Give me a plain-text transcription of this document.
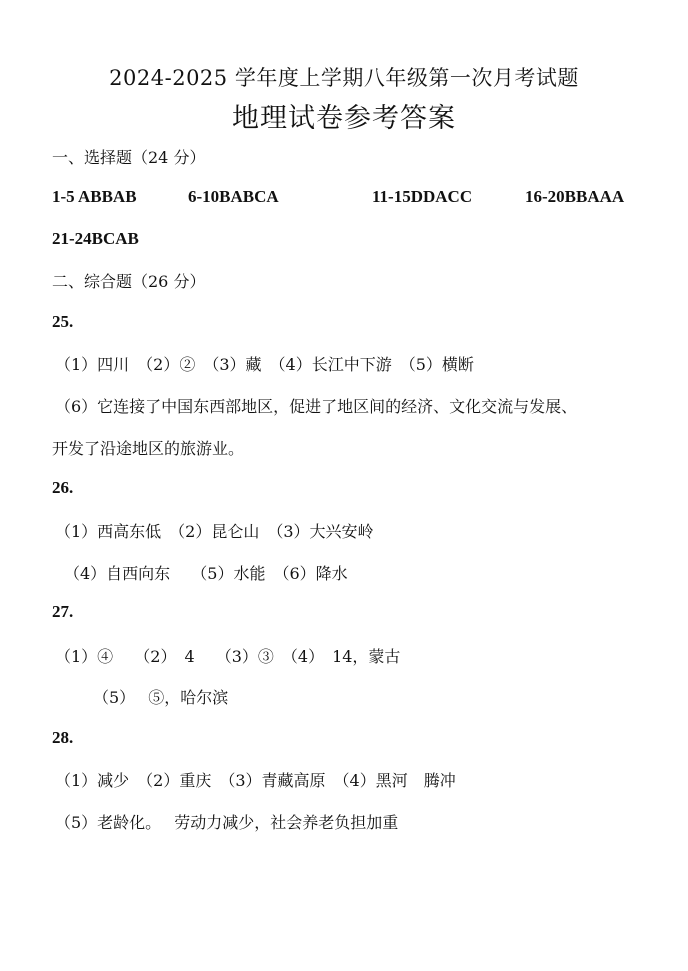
2024-2025 学年度上学期八年级第一次月考试题
地理试卷参考答案
一、选择题（24 分）
1-5 ABBAB	6-10BABCA	11-15DDACC	16-20BBAAA
21-24BCAB
二、综合题（26 分）
25.
（1）四川　（2）②　（3）藏　（4）长江中下游　（5）横断
（6）它连接了中国东西部地区，促进了地区间的经济、文化交流与发展、
开发了沿途地区的旅游业。
26.
（1）西高东低　（2）昆仑山　（3）大兴安岭
（4）自西向东　 （5）水能　（6）降水
27.
（1）④　 （2）　4　 （3）③　（4）　14，蒙古
（5）　 ⑤，哈尔滨
28.
（1）减少　（2）重庆　（3）青藏高原　（4）黑河　腾冲
（5）老龄化。　 劳动力减少，社会养老负担加重
